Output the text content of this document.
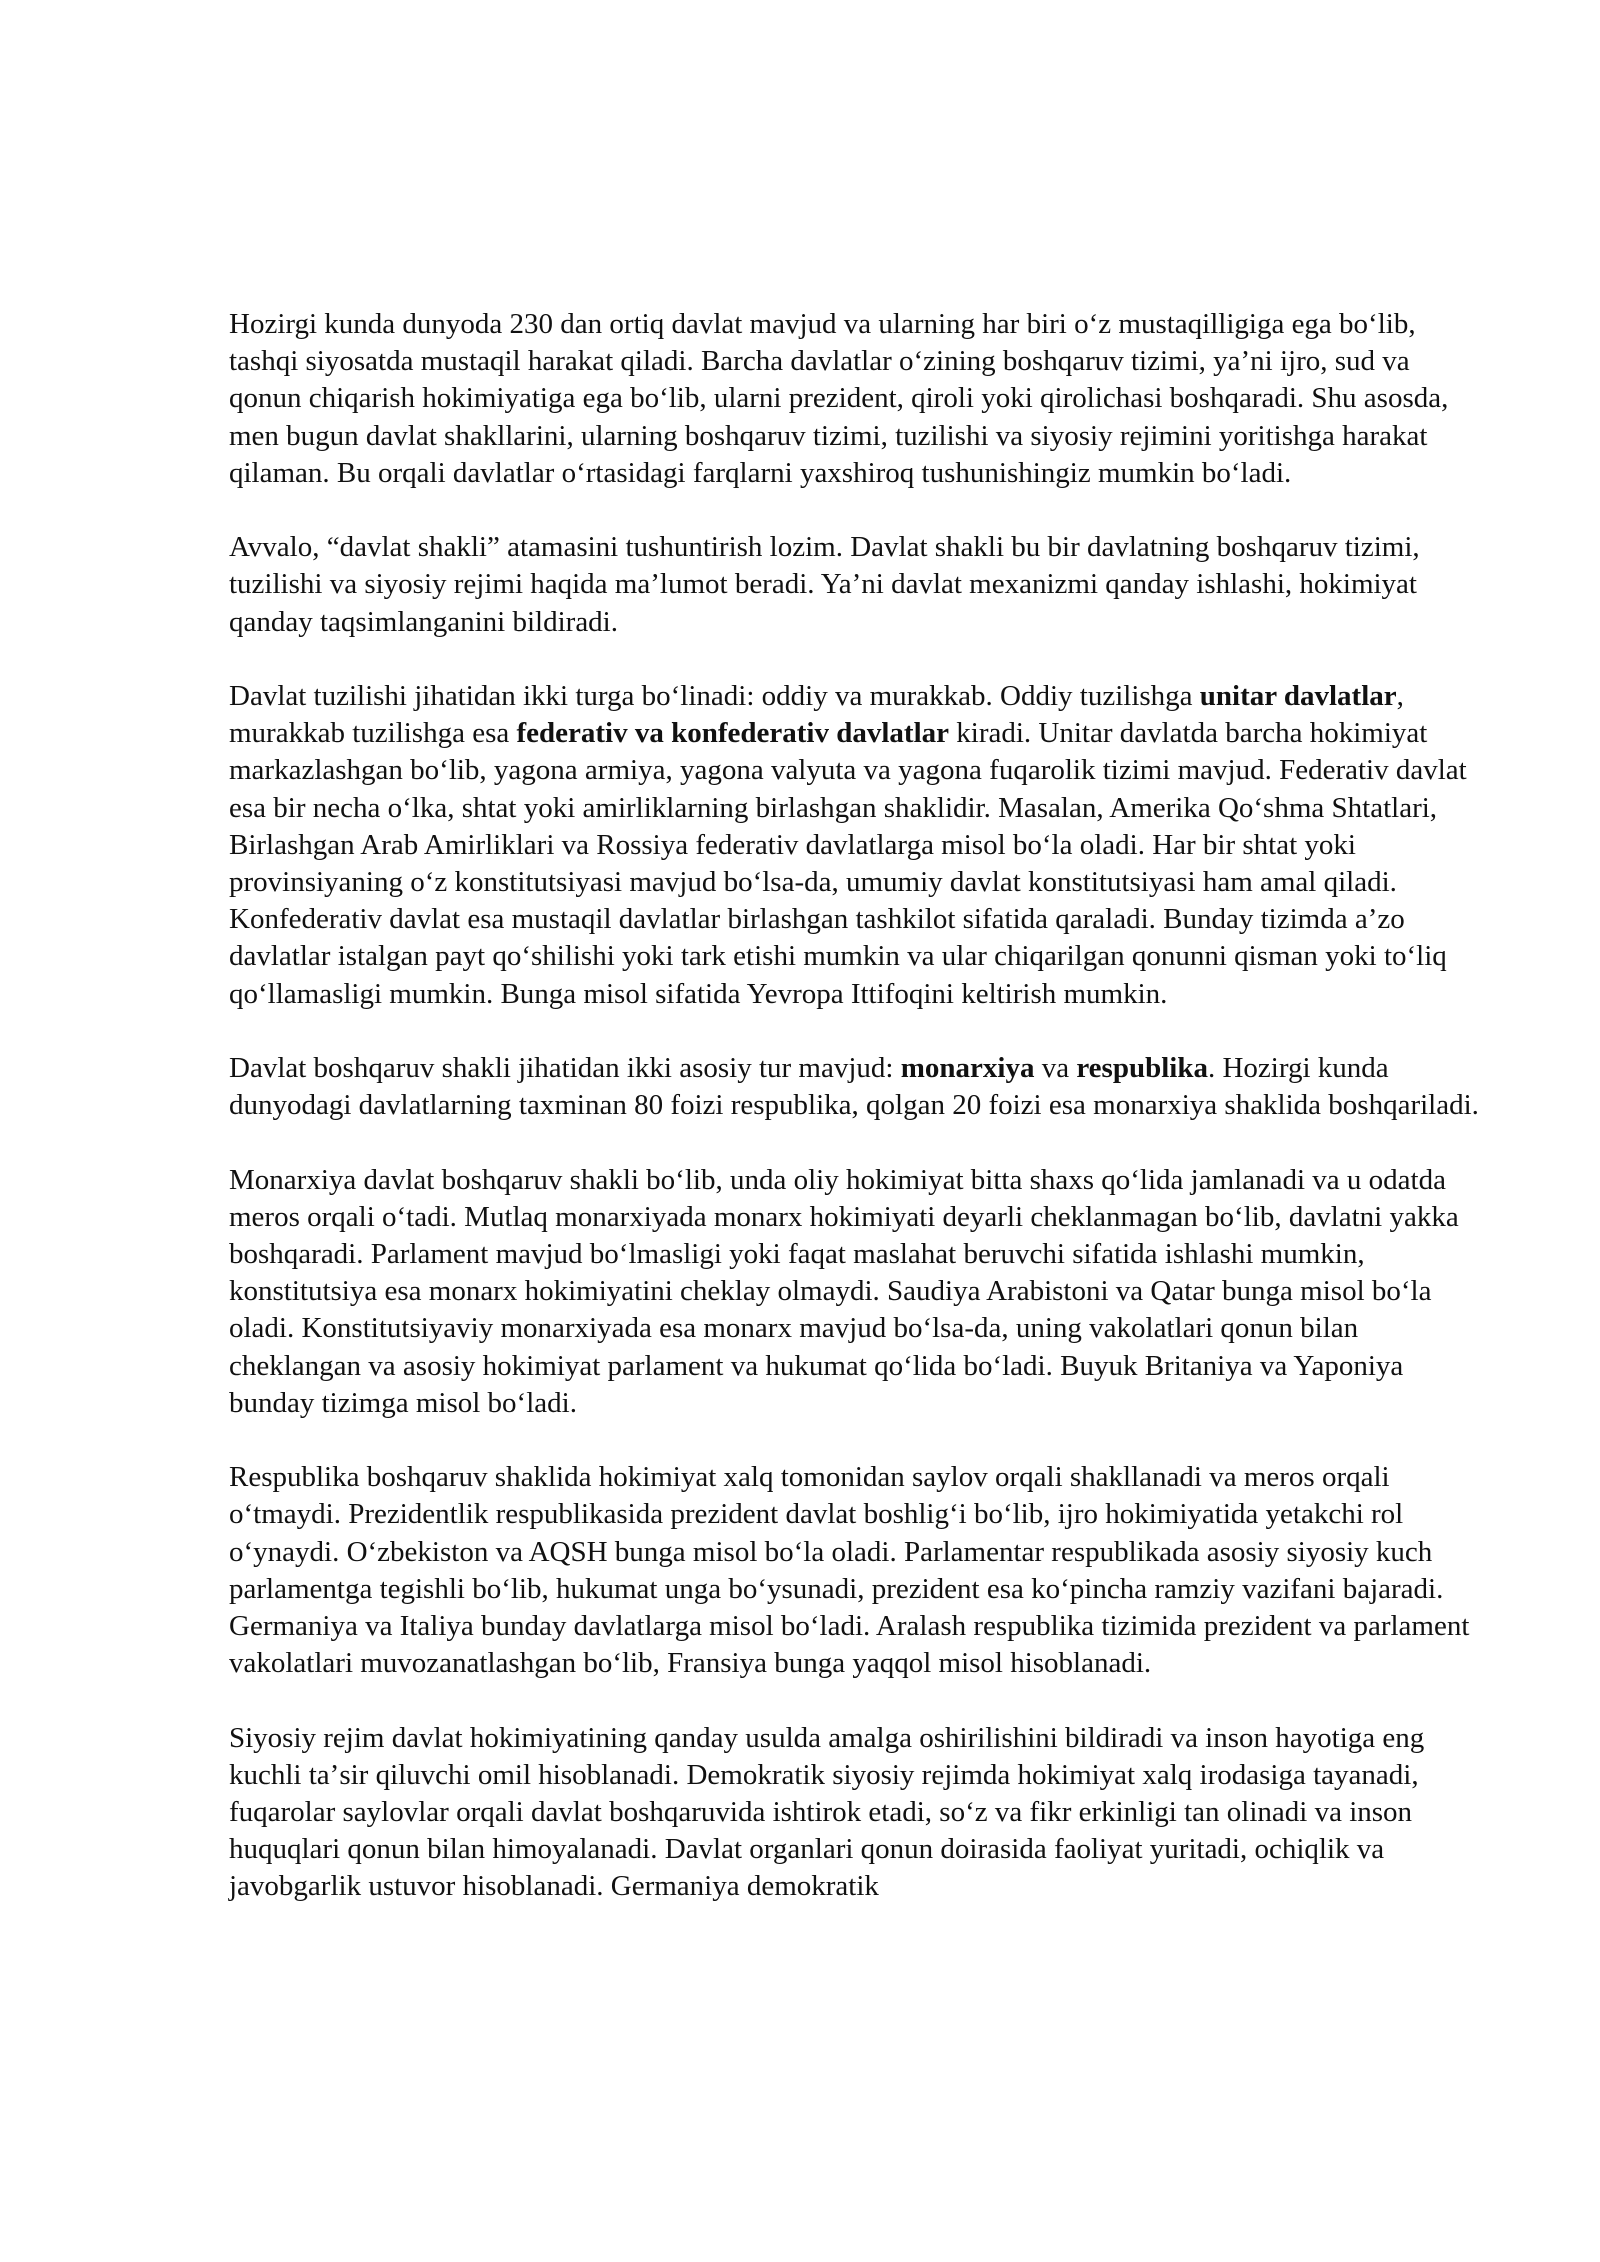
Hozirgi kunda dunyoda 230 dan ortiq davlat mavjud va ularning har biri oʻz mustaqilligiga ega boʻlib, tashqi siyosatda mustaqil harakat qiladi. Barcha davlatlar oʻzining boshqaruv tizimi, yaʼni ijro, sud va qonun chiqarish hokimiyatiga ega boʻlib, ularni prezident, qiroli yoki qirolichasi boshqaradi. Shu asosda, men bugun davlat shakllarini, ularning boshqaruv tizimi, tuzilishi va siyosiy rejimini yoritishga harakat qilaman. Bu orqali davlatlar oʻrtasidagi farqlarni yaxshiroq tushunishingiz mumkin boʻladi.

Avvalo, “davlat shakli” atamasini tushuntirish lozim. Davlat shakli bu bir davlatning boshqaruv tizimi, tuzilishi va siyosiy rejimi haqida maʼlumot beradi. Yaʼni davlat mexanizmi qanday ishlashi, hokimiyat qanday taqsimlanganini bildiradi.

Davlat tuzilishi jihatidan ikki turga boʻlinadi: oddiy va murakkab. Oddiy tuzilishga unitar davlatlar, murakkab tuzilishga esa federativ va konfederativ davlatlar kiradi. Unitar davlatda barcha hokimiyat markazlashgan boʻlib, yagona armiya, yagona valyuta va yagona fuqarolik tizimi mavjud. Federativ davlat esa bir necha oʻlka, shtat yoki amirliklarning birlashgan shaklidir. Masalan, Amerika Qoʻshma Shtatlari, Birlashgan Arab Amirliklari va Rossiya federativ davlatlarga misol boʻla oladi. Har bir shtat yoki provinsiyaning oʻz konstitutsiyasi mavjud boʻlsa-da, umumiy davlat konstitutsiyasi ham amal qiladi. Konfederativ davlat esa mustaqil davlatlar birlashgan tashkilot sifatida qaraladi. Bunday tizimda aʼzo davlatlar istalgan payt qoʻshilishi yoki tark etishi mumkin va ular chiqarilgan qonunni qisman yoki toʻliq qoʻllamasligi mumkin. Bunga misol sifatida Yevropa Ittifoqini keltirish mumkin.

Davlat boshqaruv shakli jihatidan ikki asosiy tur mavjud: monarxiya va respublika. Hozirgi kunda dunyodagi davlatlarning taxminan 80 foizi respublika, qolgan 20 foizi esa monarxiya shaklida boshqariladi.

Monarxiya davlat boshqaruv shakli boʻlib, unda oliy hokimiyat bitta shaxs qoʻlida jamlanadi va u odatda meros orqali oʻtadi. Mutlaq monarxiyada monarx hokimiyati deyarli cheklanmagan boʻlib, davlatni yakka boshqaradi. Parlament mavjud boʻlmasligi yoki faqat maslahat beruvchi sifatida ishlashi mumkin, konstitutsiya esa monarx hokimiyatini cheklay olmaydi. Saudiya Arabistoni va Qatar bunga misol boʻla oladi. Konstitutsiyaviy monarxiyada esa monarx mavjud boʻlsa-da, uning vakolatlari qonun bilan cheklangan va asosiy hokimiyat parlament va hukumat qoʻlida boʻladi. Buyuk Britaniya va Yaponiya bunday tizimga misol boʻladi.

Respublika boshqaruv shaklida hokimiyat xalq tomonidan saylov orqali shakllanadi va meros orqali oʻtmaydi. Prezidentlik respublikasida prezident davlat boshligʻi boʻlib, ijro hokimiyatida yetakchi rol oʻynaydi. Oʻzbekiston va AQSH bunga misol boʻla oladi. Parlamentar respublikada asosiy siyosiy kuch parlamentga tegishli boʻlib, hukumat unga boʻysunadi, prezident esa koʻpincha ramziy vazifani bajaradi. Germaniya va Italiya bunday davlatlarga misol boʻladi. Aralash respublika tizimida prezident va parlament vakolatlari muvozanatlashgan boʻlib, Fransiya bunga yaqqol misol hisoblanadi.

Siyosiy rejim davlat hokimiyatining qanday usulda amalga oshirilishini bildiradi va inson hayotiga eng kuchli taʼsir qiluvchi omil hisoblanadi. Demokratik siyosiy rejimda hokimiyat xalq irodasiga tayanadi, fuqarolar saylovlar orqali davlat boshqaruvida ishtirok etadi, soʻz va fikr erkinligi tan olinadi va inson huquqlari qonun bilan himoyalanadi. Davlat organlari qonun doirasida faoliyat yuritadi, ochiqlik va javobgarlik ustuvor hisoblanadi. Germaniya demokratik
